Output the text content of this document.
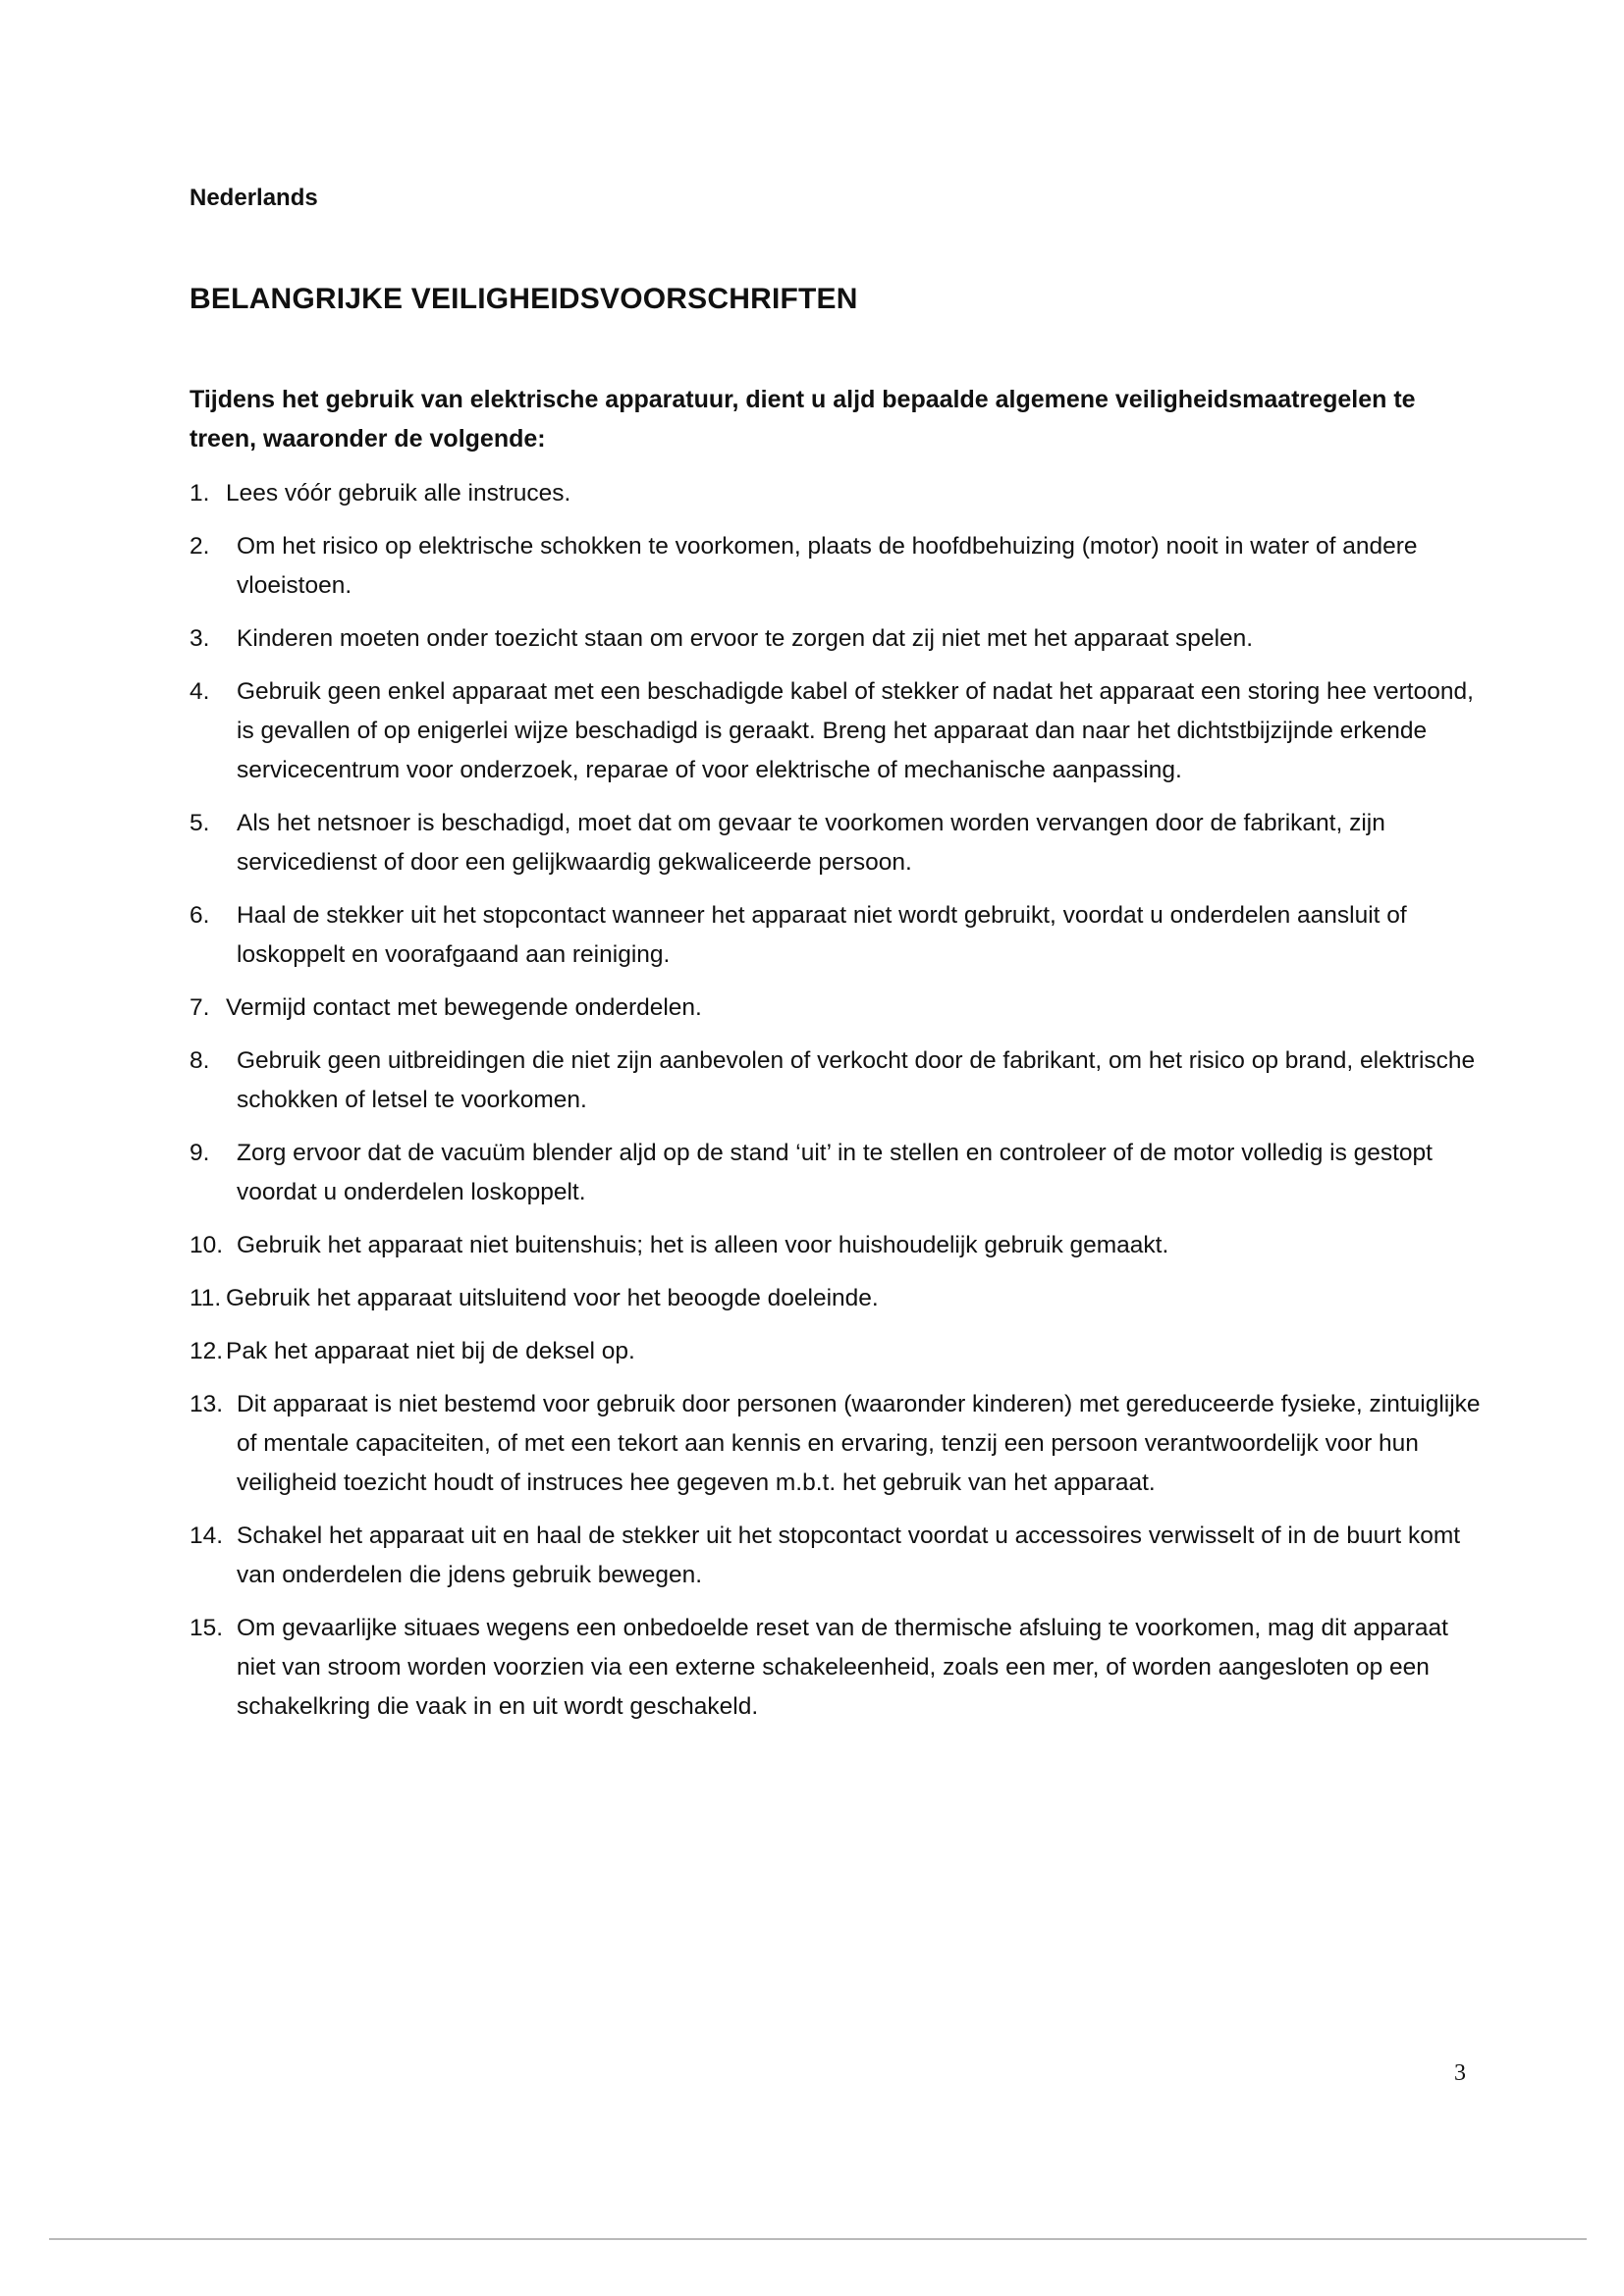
Nederlands

BELANGRIJKE VEILIGHEIDSVOORSCHRIFTEN

Tijdens het gebruik van elektrische apparatuur, dient u aljd bepaalde algemene veiligheidsmaatregelen te treen, waaronder de volgende:

1. Lees vóór gebruik alle instruces.
2.	Om het risico op elektrische schokken te voorkomen, plaats de hoofdbehuizing (motor) nooit in water of andere vloeistoen.
3.	Kinderen moeten onder toezicht staan om ervoor te zorgen dat zij niet met het apparaat spelen.
4.	Gebruik geen enkel apparaat met een beschadigde kabel of stekker of nadat het apparaat een storing hee vertoond, is gevallen of op enigerlei wijze beschadigd is geraakt. Breng het apparaat dan naar het dichtstbijzijnde erkende servicecentrum voor onderzoek, reparae of voor elektrische of mechanische aanpassing.
5.	Als het netsnoer is beschadigd, moet dat om gevaar te voorkomen worden vervangen door de fabrikant, zijn servicedienst of door een gelijkwaardig gekwaliceerde persoon.
6.	Haal de stekker uit het stopcontact wanneer het apparaat niet wordt gebruikt, voordat u onderdelen aansluit of loskoppelt en voorafgaand aan reiniging.
7. Vermijd contact met bewegende onderdelen.
8.	Gebruik geen uitbreidingen die niet zijn aanbevolen of verkocht door de fabrikant, om het risico op brand, elektrische schokken of letsel te voorkomen.
9.	Zorg ervoor dat de vacuüm blender aljd op de stand ‘uit’ in te stellen en controleer of de motor volledig is gestopt voordat u onderdelen loskoppelt.
10. Gebruik het apparaat niet buitenshuis; het is alleen voor huishoudelijk gebruik gemaakt.
11. Gebruik het apparaat uitsluitend voor het beoogde doeleinde.
12. Pak het apparaat niet bij de deksel op.
13. Dit apparaat is niet bestemd voor gebruik door personen (waaronder kinderen) met gereduceerde fysieke, zintuiglijke of mentale capaciteiten, of met een tekort aan kennis en ervaring, tenzij een persoon verantwoordelijk voor hun veiligheid toezicht houdt of instruces hee gegeven m.b.t. het gebruik van het apparaat.
14. Schakel het apparaat uit en haal de stekker uit het stopcontact voordat u accessoires verwisselt of in de buurt komt van onderdelen die jdens gebruik bewegen.
15. Om gevaarlijke situaes wegens een onbedoelde reset van de thermische afsluing te voorkomen, mag dit apparaat niet van stroom worden voorzien via een externe schakeleenheid, zoals een mer, of worden aangesloten op een schakelkring die vaak in en uit wordt geschakeld.

3
